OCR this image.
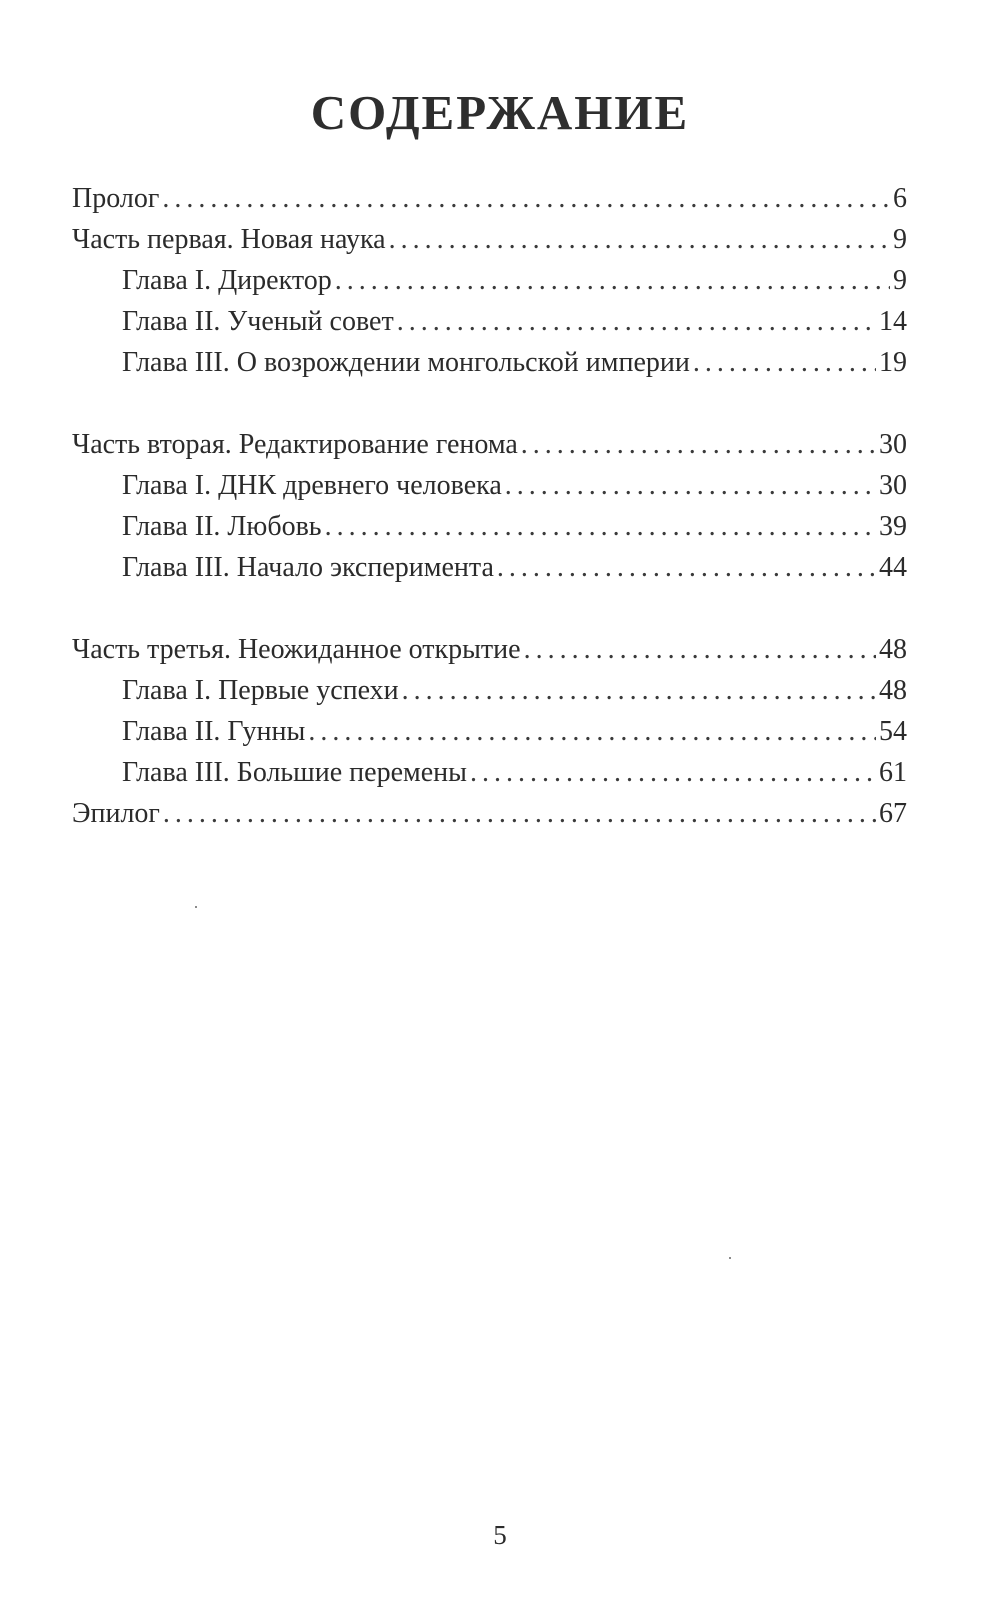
СОДЕРЖАНИЕ
Пролог . . .	6
Часть первая. Новая наука . . .	9
Глава I. Директор . . .	9
Глава II. Ученый совет . . .	14
Глава III. О возрождении монгольской империи . . .	19
Часть вторая. Редактирование генома . . .	30
Глава I. ДНК древнего человека . . .	30
Глава II. Любовь . . .	39
Глава III. Начало эксперимента . . .	44
Часть третья. Неожиданное открытие . . .	48
Глава I. Первые успехи . . .	48
Глава II. Гунны . . .	54
Глава III. Большие перемены . . .	61
Эпилог . . .	67
5
